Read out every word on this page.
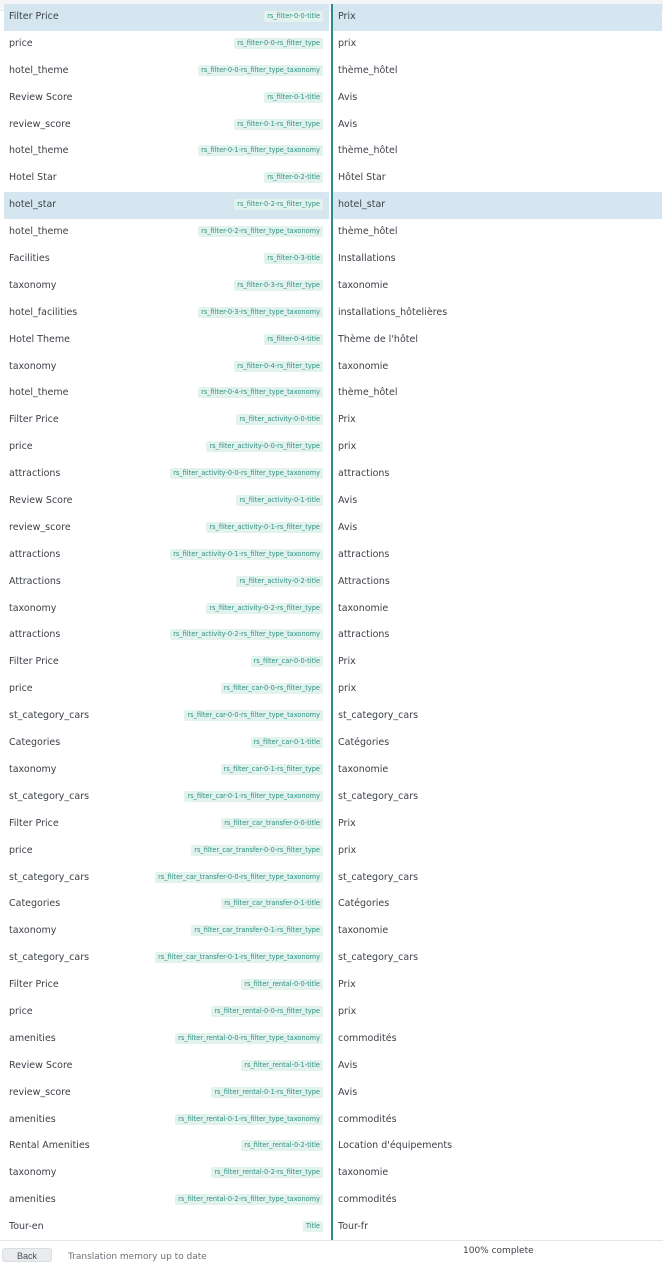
Filter Price	rs_filter-0-0-title	Prix
price	rs_filter-0-0-rs_filter_type	prix
hotel_theme	rs_filter-0-0-rs_filter_type_taxonomy	thème_hôtel
Review Score	rs_filter-0-1-title	Avis
review_score	rs_filter-0-1-rs_filter_type	Avis
hotel_theme	rs_filter-0-1-rs_filter_type_taxonomy	thème_hôtel
Hotel Star	rs_filter-0-2-title	Hôtel Star
hotel_star	rs_filter-0-2-rs_filter_type	hotel_star
hotel_theme	rs_filter-0-2-rs_filter_type_taxonomy	thème_hôtel
Facilities	rs_filter-0-3-title	Installations
taxonomy	rs_filter-0-3-rs_filter_type	taxonomie
hotel_facilities	rs_filter-0-3-rs_filter_type_taxonomy	installations_hôtelières
Hotel Theme	rs_filter-0-4-title	Thème de l'hôtel
taxonomy	rs_filter-0-4-rs_filter_type	taxonomie
hotel_theme	rs_filter-0-4-rs_filter_type_taxonomy	thème_hôtel
Filter Price	rs_filter_activity-0-0-title	Prix
price	rs_filter_activity-0-0-rs_filter_type	prix
attractions	rs_filter_activity-0-0-rs_filter_type_taxonomy	attractions
Review Score	rs_filter_activity-0-1-title	Avis
review_score	rs_filter_activity-0-1-rs_filter_type	Avis
attractions	rs_filter_activity-0-1-rs_filter_type_taxonomy	attractions
Attractions	rs_filter_activity-0-2-title	Attractions
taxonomy	rs_filter_activity-0-2-rs_filter_type	taxonomie
attractions	rs_filter_activity-0-2-rs_filter_type_taxonomy	attractions
Filter Price	rs_filter_car-0-0-title	Prix
price	rs_filter_car-0-0-rs_filter_type	prix
st_category_cars	rs_filter_car-0-0-rs_filter_type_taxonomy	st_category_cars
Categories	rs_filter_car-0-1-title	Catégories
taxonomy	rs_filter_car-0-1-rs_filter_type	taxonomie
st_category_cars	rs_filter_car-0-1-rs_filter_type_taxonomy	st_category_cars
Filter Price	rs_filter_car_transfer-0-0-title	Prix
price	rs_filter_car_transfer-0-0-rs_filter_type	prix
st_category_cars	rs_filter_car_transfer-0-0-rs_filter_type_taxonomy	st_category_cars
Categories	rs_filter_car_transfer-0-1-title	Catégories
taxonomy	rs_filter_car_transfer-0-1-rs_filter_type	taxonomie
st_category_cars	rs_filter_car_transfer-0-1-rs_filter_type_taxonomy	st_category_cars
Filter Price	rs_filter_rental-0-0-title	Prix
price	rs_filter_rental-0-0-rs_filter_type	prix
amenities	rs_filter_rental-0-0-rs_filter_type_taxonomy	commodités
Review Score	rs_filter_rental-0-1-title	Avis
review_score	rs_filter_rental-0-1-rs_filter_type	Avis
amenities	rs_filter_rental-0-1-rs_filter_type_taxonomy	commodités
Rental Amenities	rs_filter_rental-0-2-title	Location d'équipements
taxonomy	rs_filter_rental-0-2-rs_filter_type	taxonomie
amenities	rs_filter_rental-0-2-rs_filter_type_taxonomy	commodités
Tour-en	Title	Tour-fr
Back	Translation memory up to date
100% complete
